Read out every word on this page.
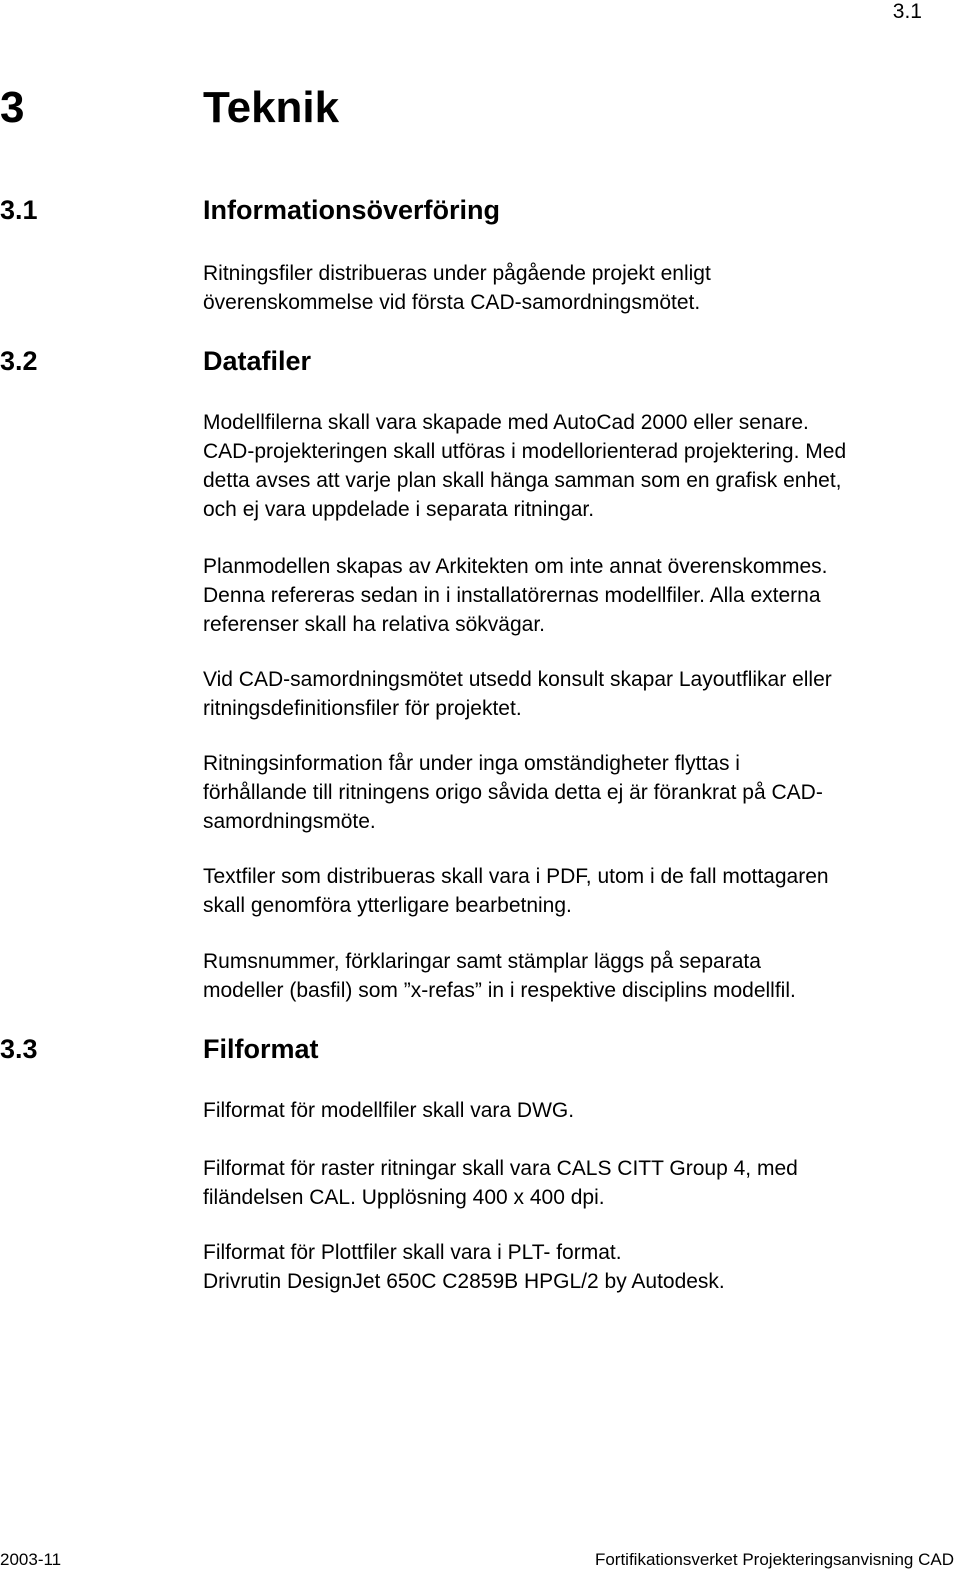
3.1
3	Teknik
3.1	Informationsöverföring
Ritningsfiler distribueras under pågående projekt enligt
överenskommelse vid första CAD-samordningsmötet.
3.2	Datafiler
Modellfilerna skall vara skapade med AutoCad 2000 eller senare.
CAD-projekteringen skall utföras i modellorienterad projektering. Med
detta avses att varje plan skall hänga samman som en grafisk enhet,
och ej vara uppdelade i separata ritningar.
Planmodellen skapas av Arkitekten om inte annat överenskommes.
Denna refereras sedan in i installatörernas modellfiler. Alla externa
referenser skall ha relativa sökvägar.
Vid CAD-samordningsmötet utsedd konsult skapar Layoutflikar eller
ritningsdefinitionsfiler för projektet.
Ritningsinformation får under inga omständigheter flyttas i
förhållande till ritningens origo såvida detta ej är förankrat på CAD-
samordningsmöte.
Textfiler som distribueras skall vara i PDF, utom i de fall mottagaren
skall genomföra ytterligare bearbetning.
Rumsnummer, förklaringar samt stämplar läggs på separata
modeller (basfil) som ”x-refas” in i respektive disciplins modellfil.
3.3	Filformat
Filformat för modellfiler skall vara DWG.
Filformat för raster ritningar skall vara CALS CITT Group 4, med
filändelsen CAL. Upplösning 400 x 400 dpi.
Filformat för Plottfiler skall vara i PLT- format.
Drivrutin DesignJet 650C C2859B HPGL/2 by Autodesk.
2003-11	Fortifikationsverket Projekteringsanvisning CAD
